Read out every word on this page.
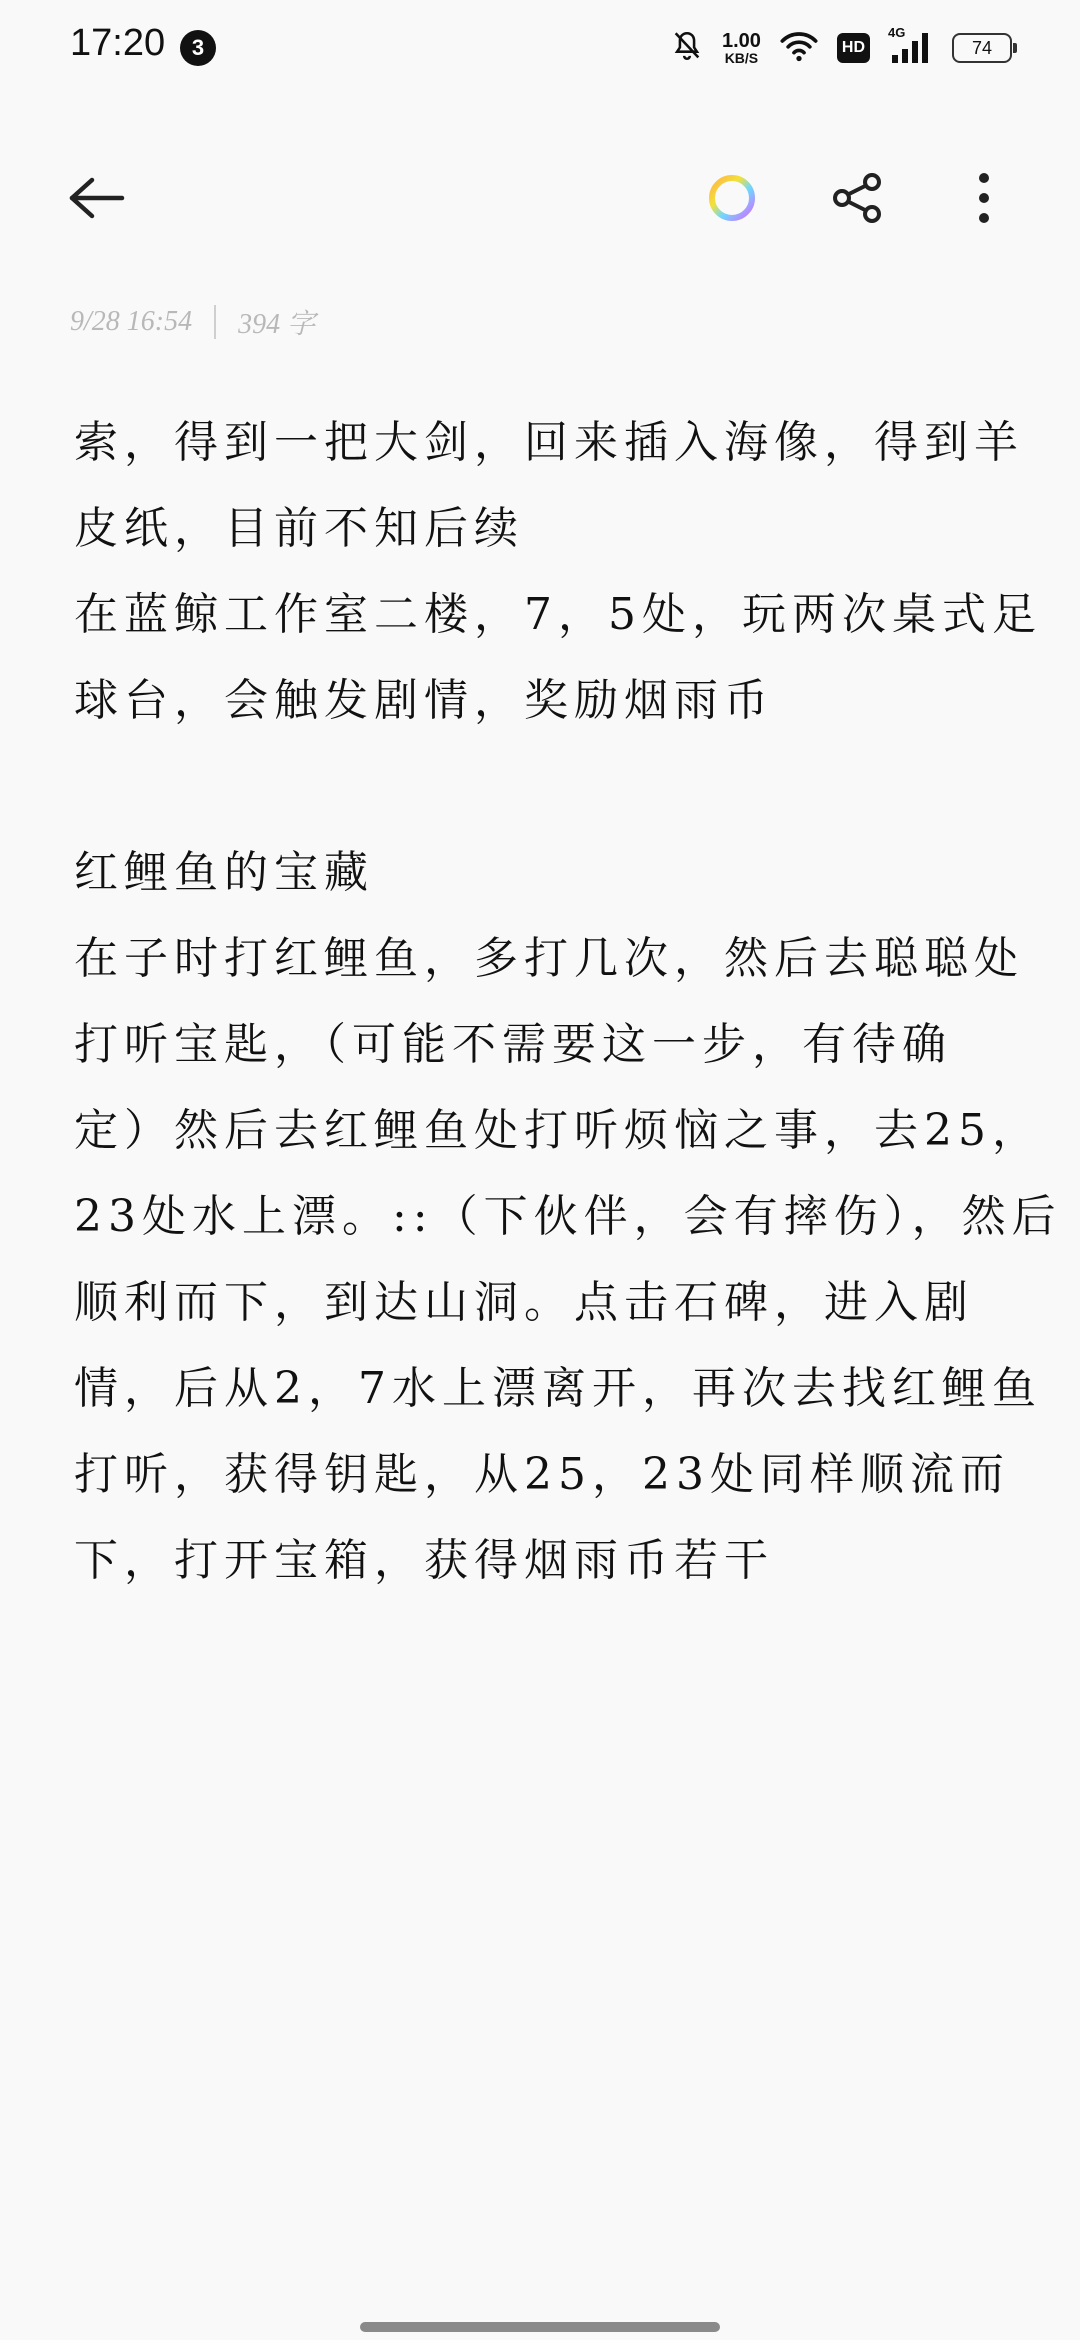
17:20	3	1.00
KB/S
HD
4G
74
9/28 16:54 394 字
索，得到一把大剑，回来插入海像，得到羊
皮纸，目前不知后续
在蓝鲸工作室二楼，7，5处，玩两次桌式足
球台，会触发剧情，奖励烟雨币
红鲤鱼的宝藏
在子时打红鲤鱼，多打几次，然后去聪聪处
打听宝匙，（可能不需要这一步，有待确
定）然后去红鲤鱼处打听烦恼之事，去25，
23处水上漂。::（下伙伴，会有摔伤），然后
顺利而下，到达山洞。点击石碑，进入剧
情，后从2，7水上漂离开，再次去找红鲤鱼
打听，获得钥匙，从25，23处同样顺流而
下，打开宝箱，获得烟雨币若干
